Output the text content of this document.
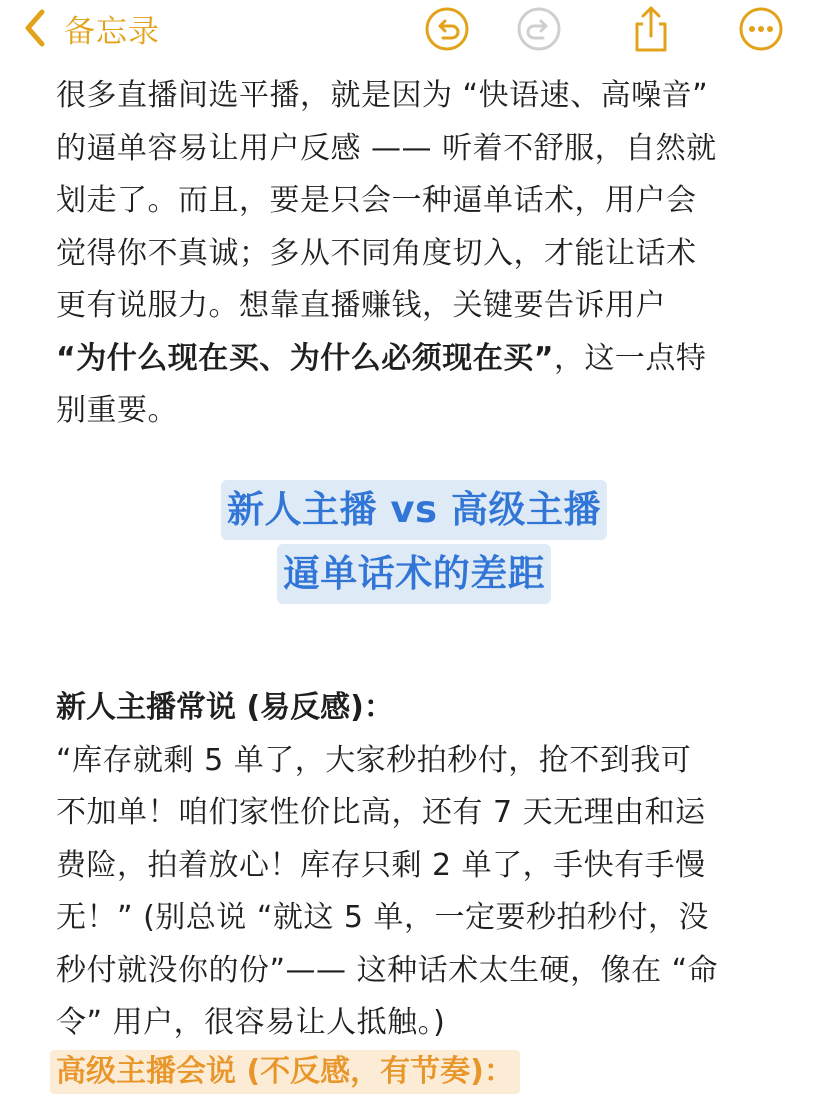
备忘录

很多直播间选平播，就是因为 “快语速、高噪音”

的逼单容易让用户反感 —— 听着不舒服，自然就

划走了。而且，要是只会一种逼单话术，用户会

觉得你不真诚；多从不同角度切入，才能让话术

更有说服力。想靠直播赚钱，关键要告诉用户

“为什么现在买、为什么必须现在买”，这一点特

别重要。

新人主播 vs 高级主播
逼单话术的差距

新人主播常说 (易反感)：

“库存就剩 5 单了，大家秒拍秒付，抢不到我可

不加单！咱们家性价比高，还有 7 天无理由和运

费险，拍着放心！库存只剩 2 单了，手快有手慢

无！” (别总说 “就这 5 单，一定要秒拍秒付，没

秒付就没你的份”—— 这种话术太生硬，像在 “命

令” 用户，很容易让人抵触。)

高级主播会说 (不反感，有节奏)：
